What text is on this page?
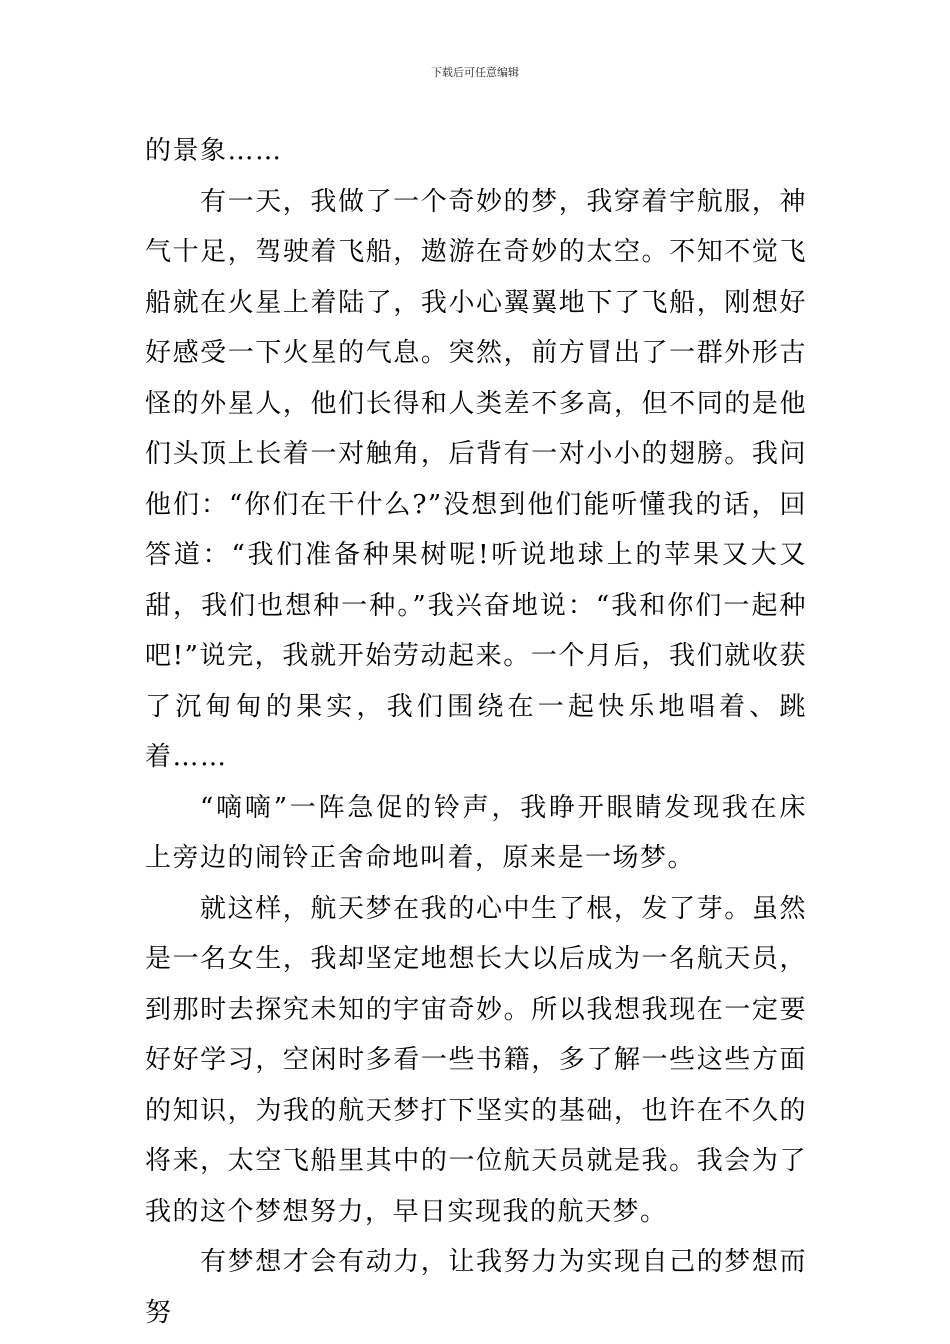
下载后可任意编辑

的景象……

有一天，我做了一个奇妙的梦，我穿着宇航服，神气十足，驾驶着飞船，遨游在奇妙的太空。不知不觉飞船就在火星上着陆了，我小心翼翼地下了飞船，刚想好好感受一下火星的气息。突然，前方冒出了一群外形古怪的外星人，他们长得和人类差不多高，但不同的是他们头顶上长着一对触角，后背有一对小小的翅膀。我问他们：“你们在干什么?”没想到他们能听懂我的话，回答道：“我们准备种果树呢!听说地球上的苹果又大又甜，我们也想种一种。”我兴奋地说：“我和你们一起种吧!”说完，我就开始劳动起来。一个月后，我们就收获了沉甸甸的果实，我们围绕在一起快乐地唱着、跳着……

“嘀嘀”一阵急促的铃声，我睁开眼睛发现我在床上旁边的闹铃正舍命地叫着，原来是一场梦。

就这样，航天梦在我的心中生了根，发了芽。虽然是一名女生，我却坚定地想长大以后成为一名航天员，到那时去探究未知的宇宙奇妙。所以我想我现在一定要好好学习，空闲时多看一些书籍，多了解一些这些方面的知识，为我的航天梦打下坚实的基础，也许在不久的将来，太空飞船里其中的一位航天员就是我。我会为了我的这个梦想努力，早日实现我的航天梦。

有梦想才会有动力，让我努力为实现自己的梦想而努
